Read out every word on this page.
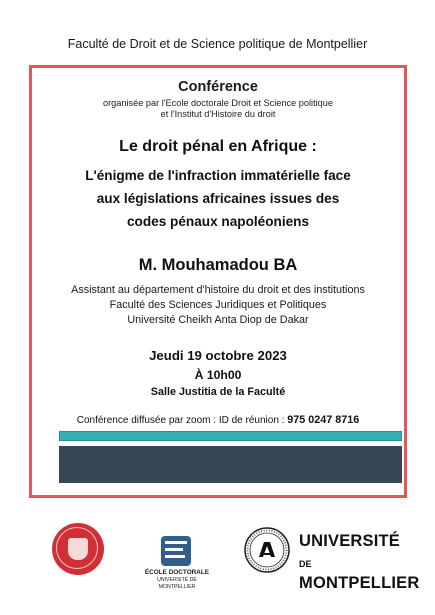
Faculté de Droit et de Science politique de Montpellier
Conférence
organisée par l'Ecole doctorale Droit et Science politique
et l'Institut d'Histoire du droit
Le droit pénal en Afrique :
L'énigme de l'infraction immatérielle face
aux législations africaines issues des
codes pénaux napoléoniens
M. Mouhamadou BA
Assistant au département d'histoire du droit et des institutions
Faculté des Sciences Juridiques et Politiques
Université Cheikh Anta Diop de Dakar
Jeudi 19 octobre 2023
À 10h00
Salle Justitia de la Faculté
Conférence diffusée par zoom : ID de réunion : 975 0247 8716
ÉCOLE DOCTORALE
UNIVERSITÉ DE MONTPELLIER
UNIVERSITÉ DE
MONTPELLIER
